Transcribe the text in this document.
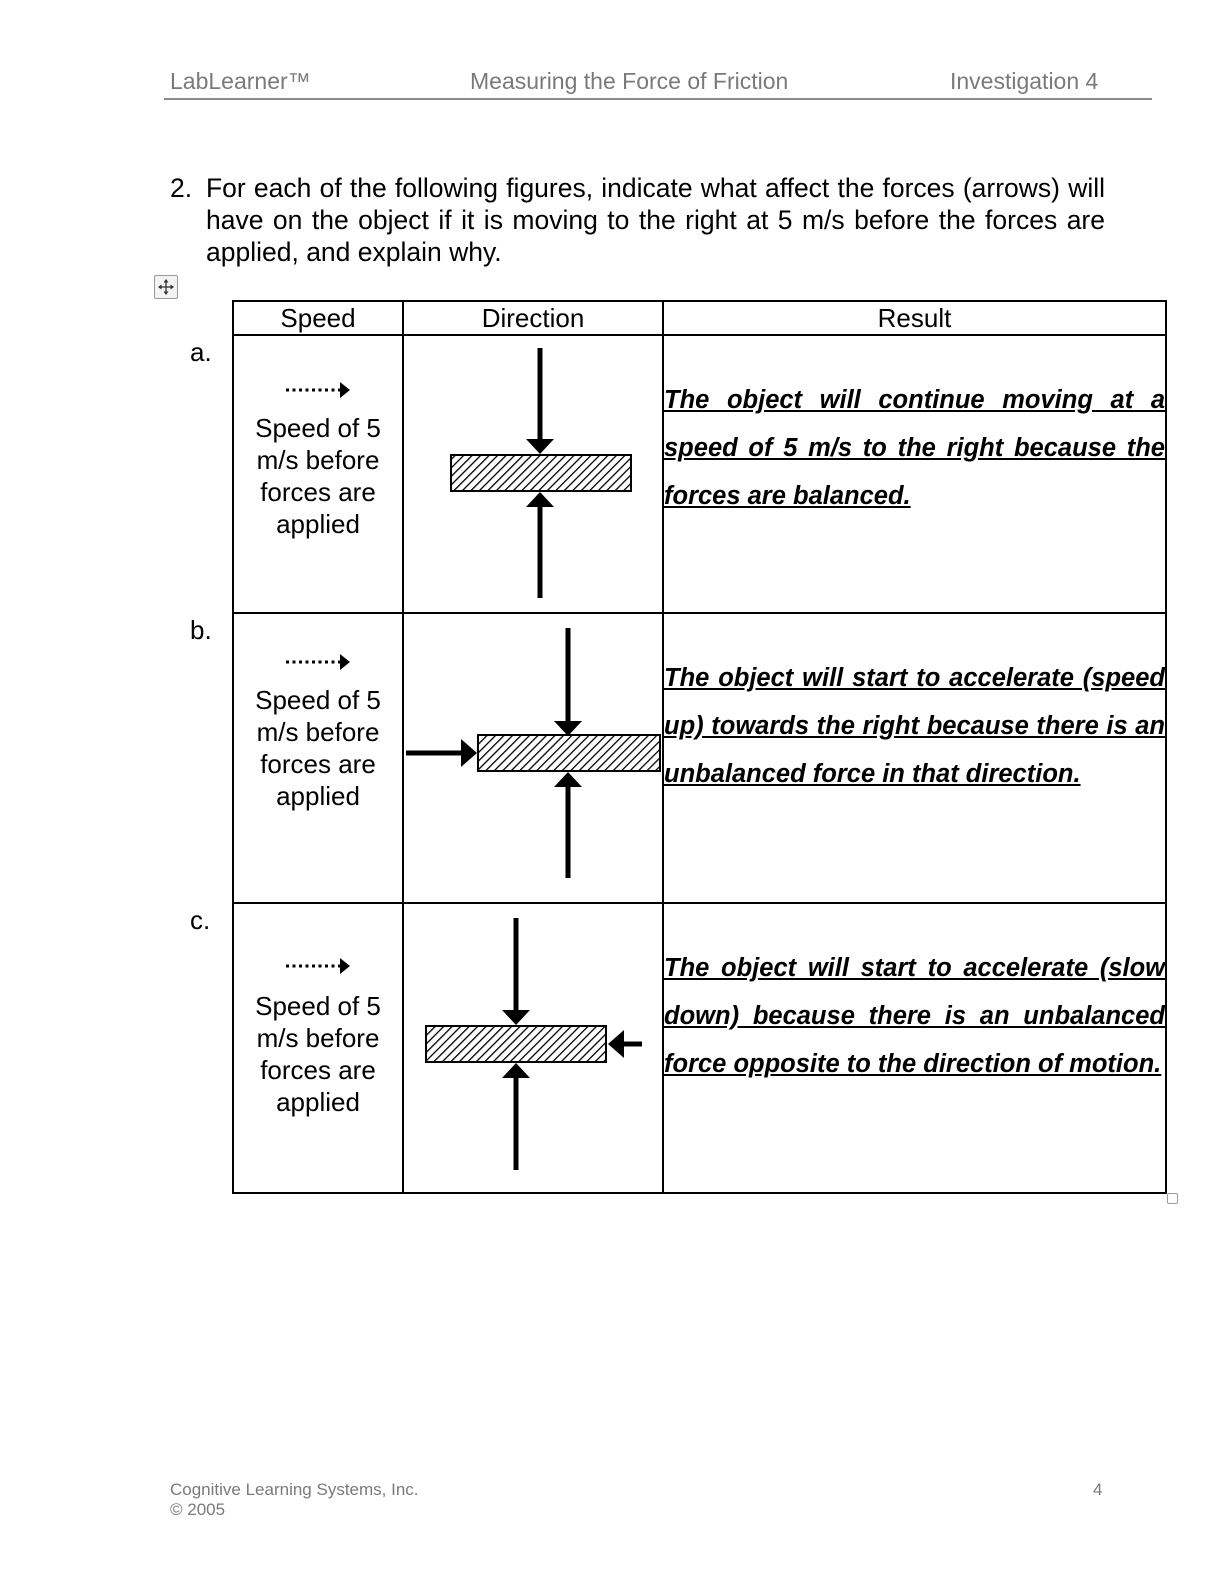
LabLearner™	Measuring the Force of Friction	Investigation 4
2. For each of the following figures, indicate what affect the forces (arrows) will have on the object if it is moving to the right at 5 m/s before the forces are applied, and explain why.
a.
b.
c.
Speed	Direction	Result

Speed of 5 m/s before forces are applied		The object will continue moving at a speed of 5 m/s to the right because the forces are balanced.

Speed of 5 m/s before forces are applied		The object will start to accelerate (speed up) towards the right because there is an unbalanced force in that direction.

Speed of 5 m/s before forces are applied		The object will start to accelerate (slow down) because there is an unbalanced force opposite to the direction of motion.
Cognitive Learning Systems, Inc.
© 2005
4
